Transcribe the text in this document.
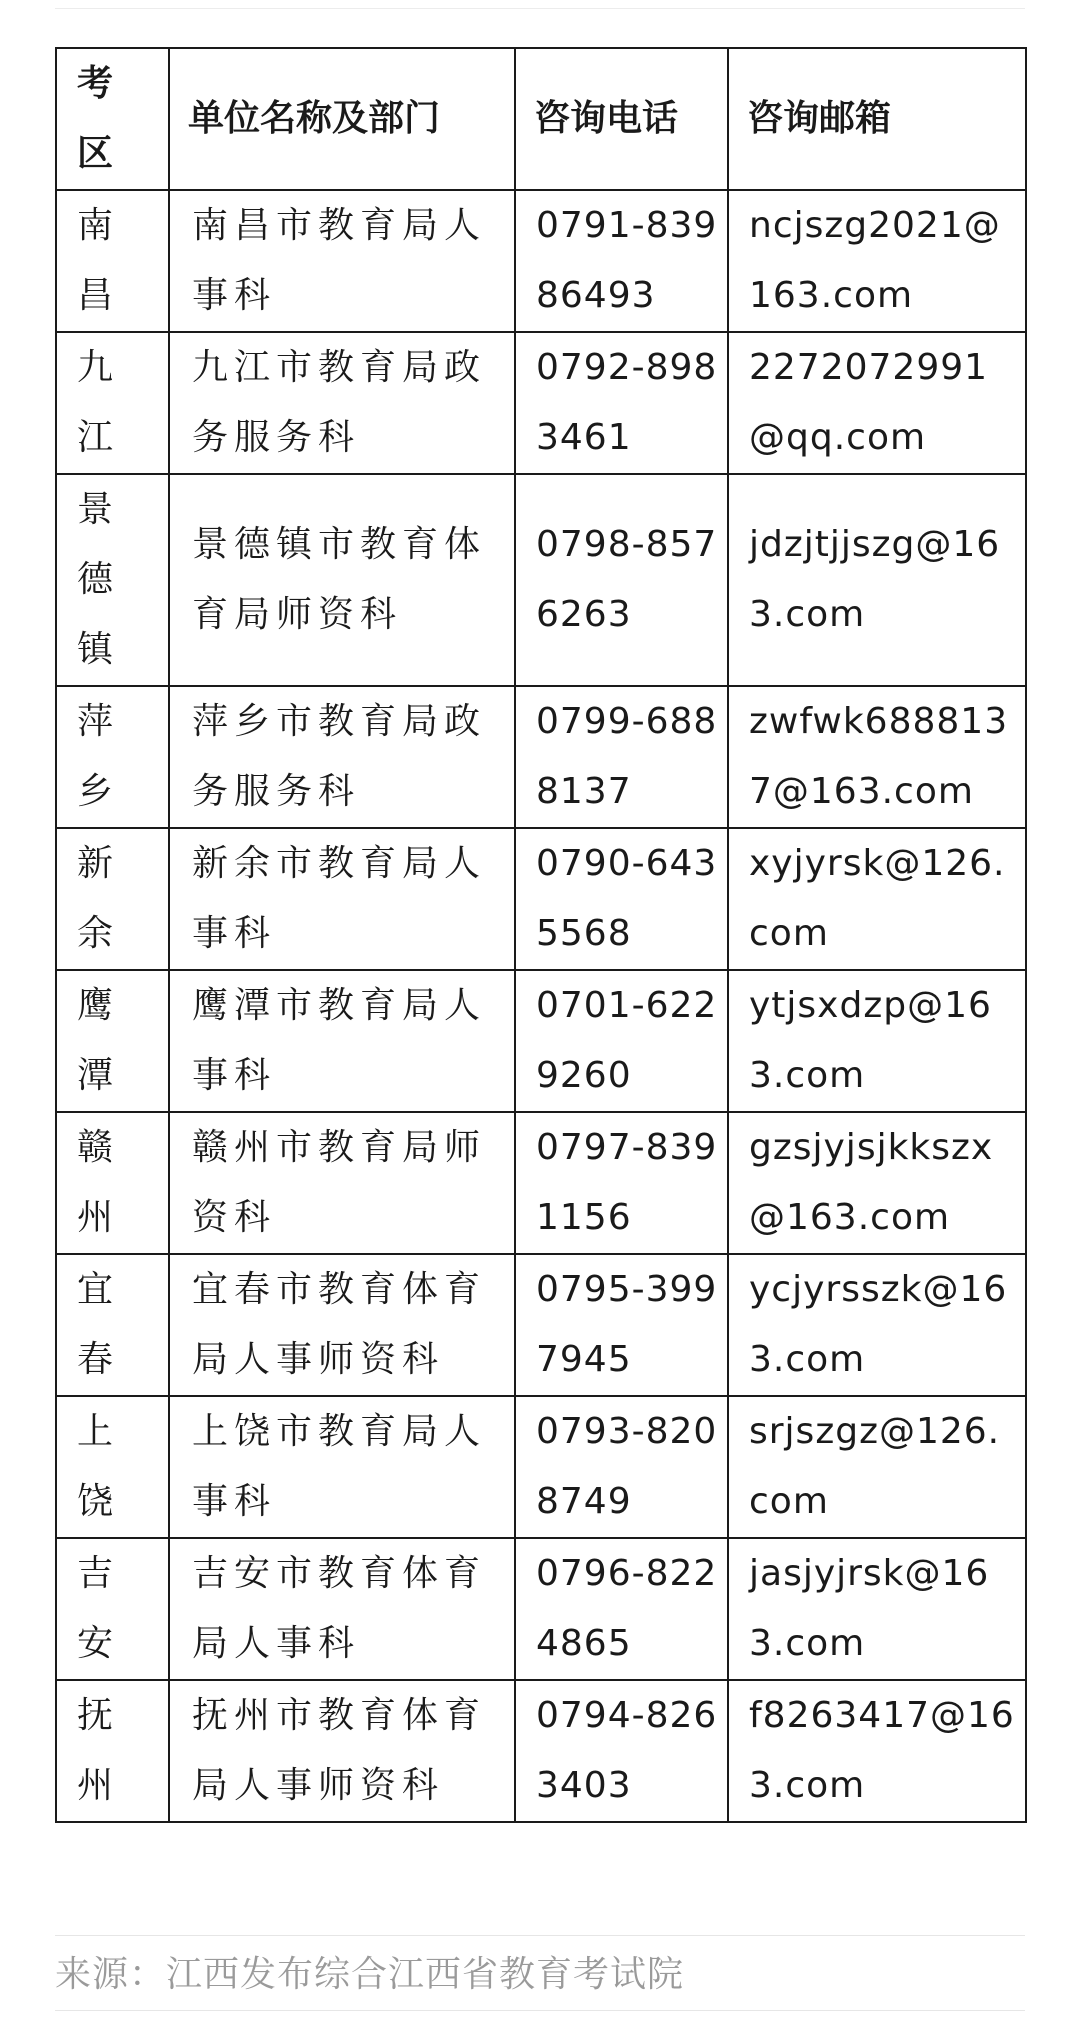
考区	单位名称及部门	咨询电话	咨询邮箱
南昌	南昌市教育局人事科	0791-83986493	ncjszg2021@163.com
九江	九江市教育局政务服务科	0792-8983461	2272072991@qq.com
景德镇	景德镇市教育体育局师资科	0798-8576263	jdzjtjjszg@163.com
萍乡	萍乡市教育局政务服务科	0799-6888137	zwfwk6888137@163.com
新余	新余市教育局人事科	0790-6435568	xyjyrsk@126.com
鹰潭	鹰潭市教育局人事科	0701-6229260	ytjsxdzp@163.com
赣州	赣州市教育局师资科	0797-8391156	gzsjyjsjkkszx@163.com
宜春	宜春市教育体育局人事师资科	0795-3997945	ycjyrsszk@163.com
上饶	上饶市教育局人事科	0793-8208749	srjszgz@126.com
吉安	吉安市教育体育局人事科	0796-8224865	jasjyjrsk@163.com
抚州	抚州市教育体育局人事师资科	0794-8263403	f8263417@163.com
来源：江西发布综合江西省教育考试院
